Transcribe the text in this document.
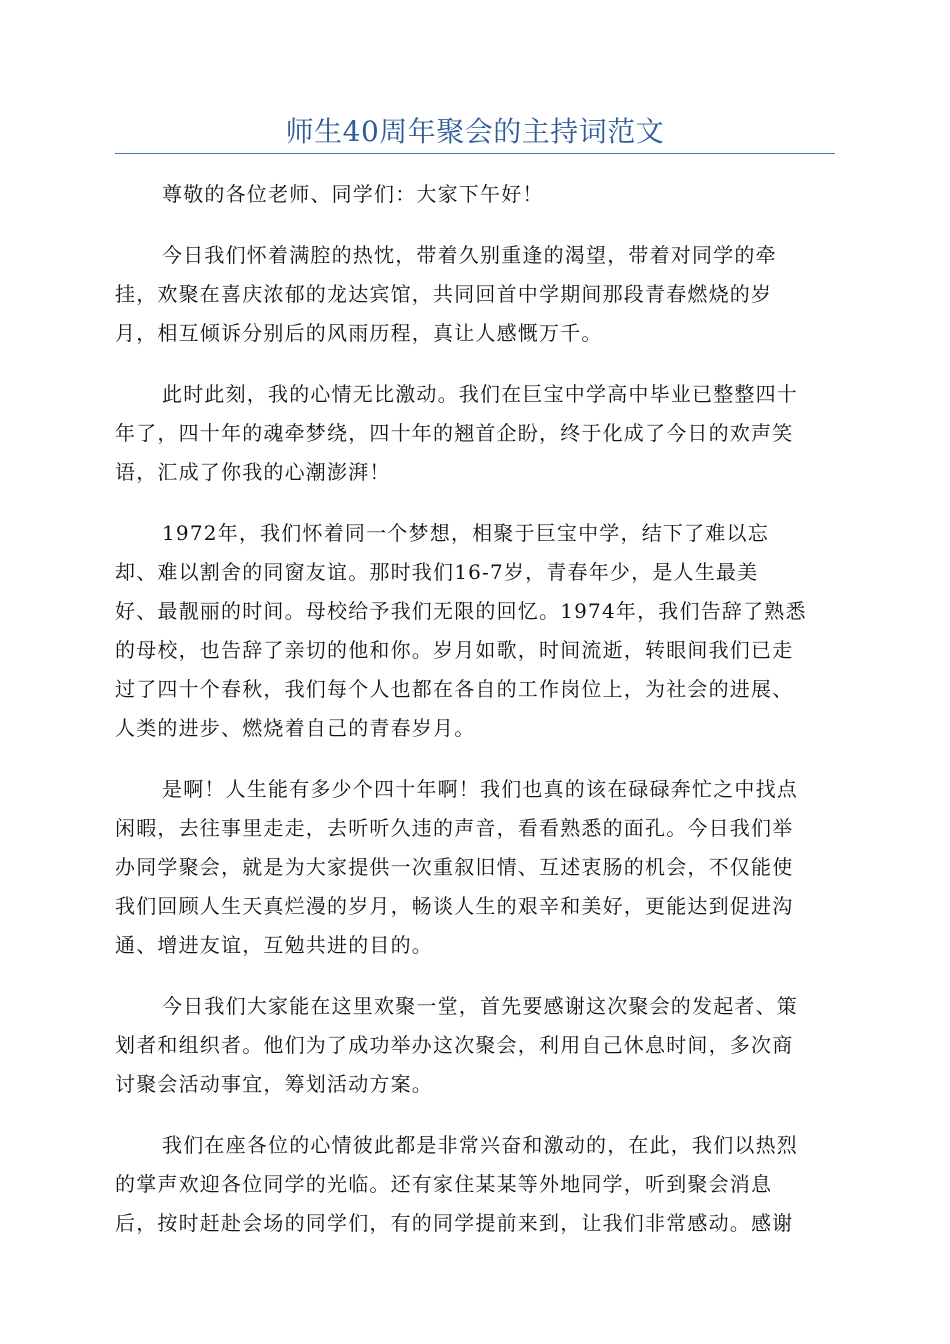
师生40周年聚会的主持词范文
尊敬的各位老师、同学们：大家下午好！
今日我们怀着满腔的热忱，带着久别重逢的渴望，带着对同学的牵
挂，欢聚在喜庆浓郁的龙达宾馆，共同回首中学期间那段青春燃烧的岁
月，相互倾诉分别后的风雨历程，真让人感慨万千。
此时此刻，我的心情无比激动。我们在巨宝中学高中毕业已整整四十
年了，四十年的魂牵梦绕，四十年的翘首企盼，终于化成了今日的欢声笑
语，汇成了你我的心潮澎湃！
1972年，我们怀着同一个梦想，相聚于巨宝中学，结下了难以忘
却、难以割舍的同窗友谊。那时我们16-7岁，青春年少，是人生最美
好、最靓丽的时间。母校给予我们无限的回忆。1974年，我们告辞了熟悉
的母校，也告辞了亲切的他和你。岁月如歌，时间流逝，转眼间我们已走
过了四十个春秋，我们每个人也都在各自的工作岗位上，为社会的进展、
人类的进步、燃烧着自己的青春岁月。
是啊！人生能有多少个四十年啊！我们也真的该在碌碌奔忙之中找点
闲暇，去往事里走走，去听听久违的声音，看看熟悉的面孔。今日我们举
办同学聚会，就是为大家提供一次重叙旧情、互述衷肠的机会，不仅能使
我们回顾人生天真烂漫的岁月，畅谈人生的艰辛和美好，更能达到促进沟
通、增进友谊，互勉共进的目的。
今日我们大家能在这里欢聚一堂，首先要感谢这次聚会的发起者、策
划者和组织者。他们为了成功举办这次聚会，利用自己休息时间，多次商
讨聚会活动事宜，筹划活动方案。
我们在座各位的心情彼此都是非常兴奋和激动的，在此，我们以热烈
的掌声欢迎各位同学的光临。还有家住某某等外地同学，听到聚会消息
后，按时赶赴会场的同学们，有的同学提前来到，让我们非常感动。感谢
